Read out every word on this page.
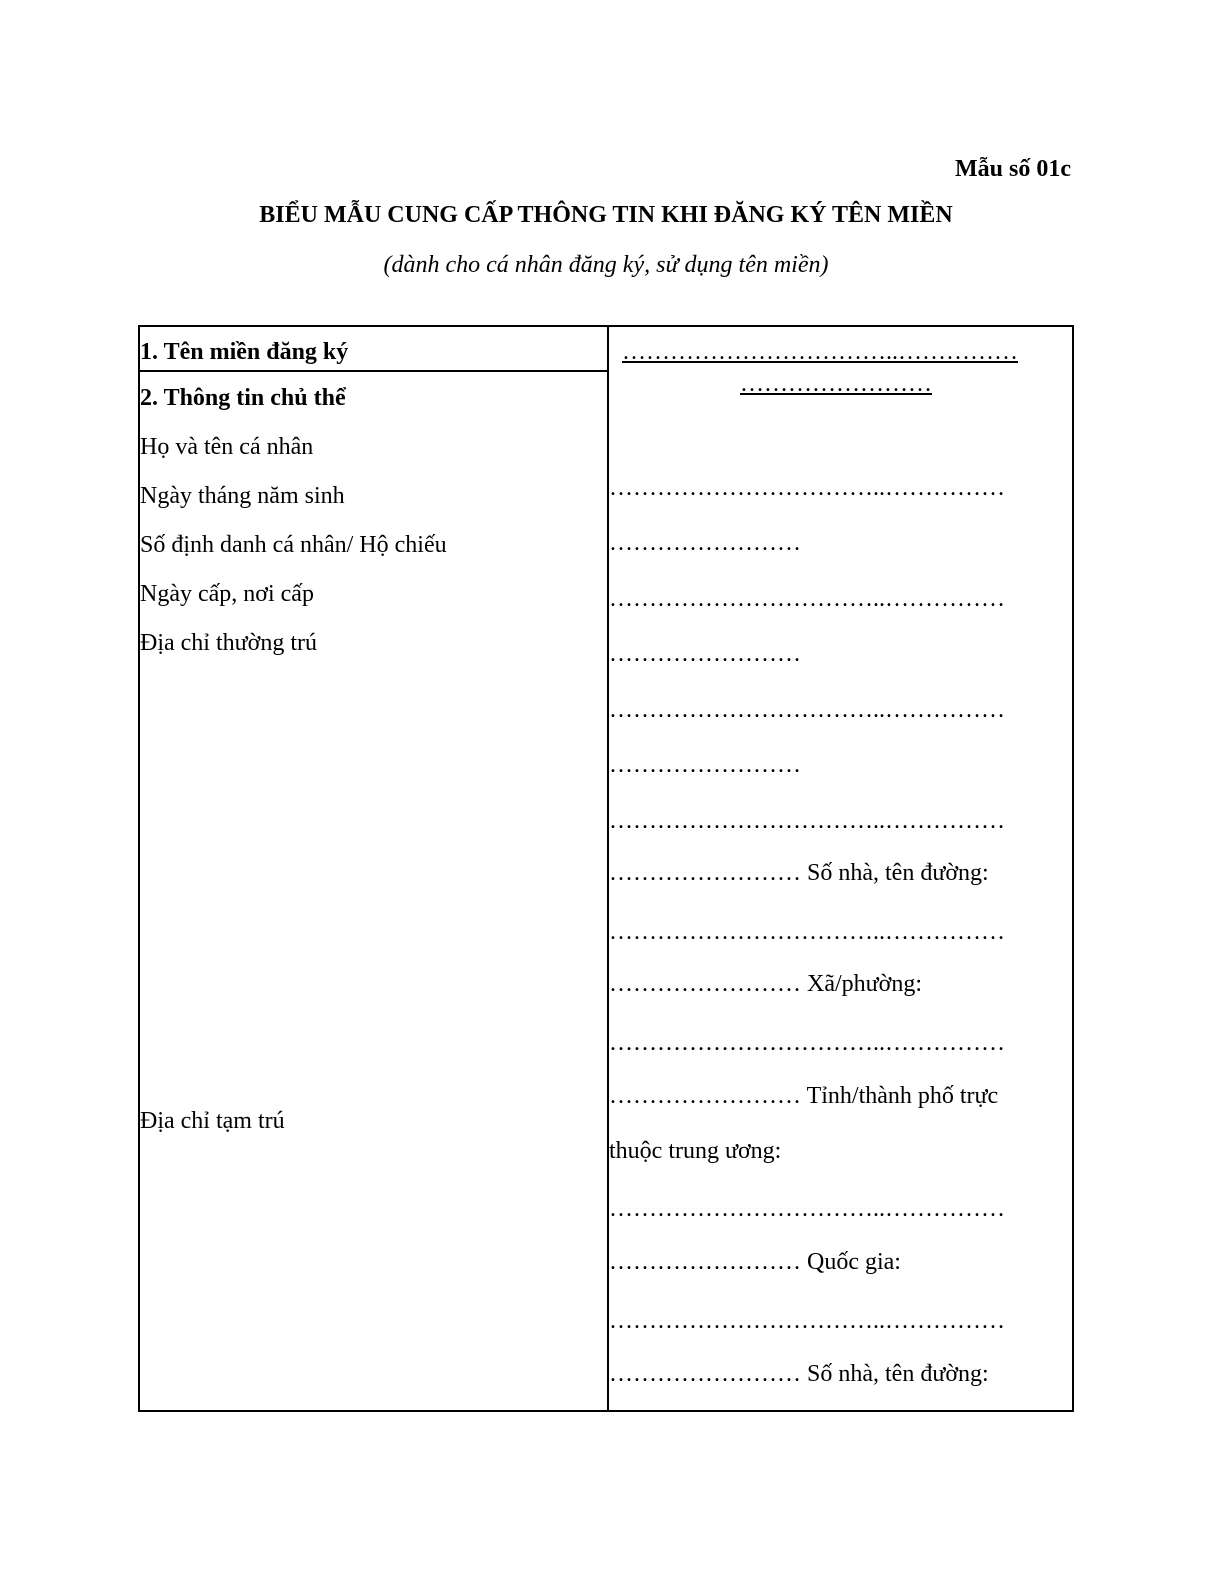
Mẫu số 01c
BIỂU MẪU CUNG CẤP THÔNG TIN KHI ĐĂNG KÝ TÊN MIỀN
(dành cho cá nhân đăng ký, sử dụng tên miền)
1. Tên miền đăng ký
2. Thông tin chủ thể
Họ và tên cá nhân
Ngày tháng năm sinh
Số định danh cá nhân/ Hộ chiếu
Ngày cấp, nơi cấp
Địa chỉ thường trú
Địa chỉ tạm trú
……………………………..……………
……………………
……………………………..……………
……………………
……………………………..……………
……………………
……………………………..……………
……………………
……………………………..……………
…………………… Số nhà, tên đường:
……………………………..……………
…………………… Xã/phường:
……………………………..……………
…………………… Tỉnh/thành phố trực
thuộc trung ương:
……………………………..……………
…………………… Quốc gia:
……………………………..……………
…………………… Số nhà, tên đường:
